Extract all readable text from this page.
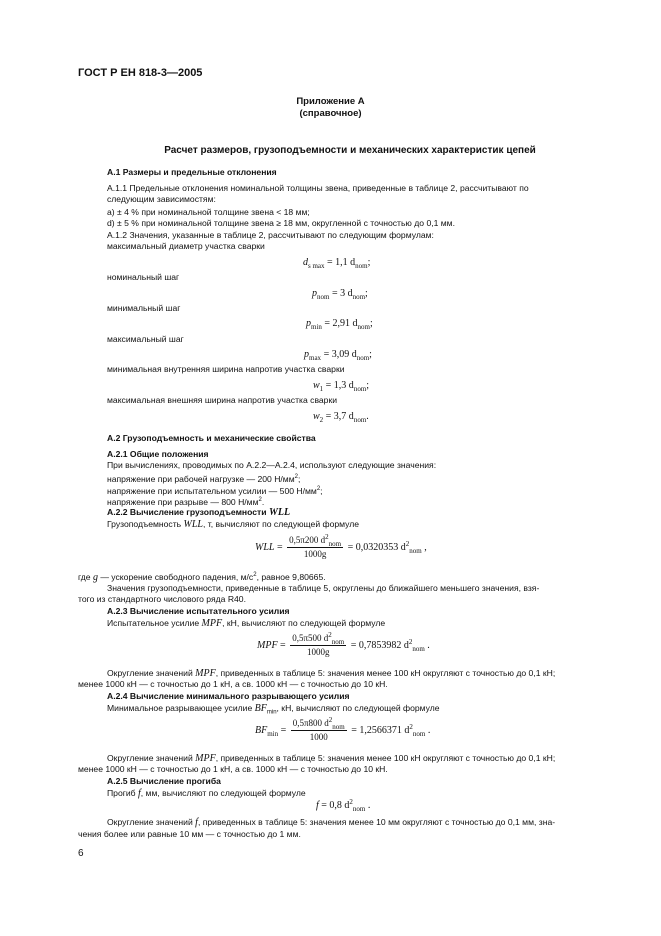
ГОСТ Р ЕН 818-3—2005
Приложение А
(справочное)
Расчет размеров, грузоподъемности и механических характеристик цепей
А.1 Размеры и предельные отклонения
А.1.1 Предельные отклонения номинальной толщины звена, приведенные в таблице 2, рассчитывают по
следующим зависимостям:
а) ± 4 % при номинальной толщине звена < 18 мм;
d) ± 5 % при номинальной толщине звена ≥ 18 мм, округленной с точностью до 0,1 мм.
А.1.2 Значения, указанные в таблице 2, рассчитывают по следующим формулам:
максимальный диаметр участка сварки
$d_{s max} = 1,1$ $d_{nom}$;
номинальный шаг
$p_{nom} = 3$ $d_{nom}$;
минимальный шаг
$p_{min} = 2,91$ $d_{nom}$;
максимальный шаг
$p_{max} = 3,09$ $d_{nom}$;
минимальная внутренняя ширина напротив участка сварки
$w_1 = 1,3$ $d_{nom}$;
максимальная внешняя ширина напротив участка сварки
$w_2 = 3,7$ $d_{nom}$.
А.2 Грузоподъемность и механические свойства
А.2.1 Общие положения
При вычислениях, проводимых по А.2.2—А.2.4, используют следующие значения:
напряжение при рабочей нагрузке — 200 $Н/мм^2$;
напряжение при испытательном усилии — 500 $Н/мм^2$;
напряжение при разрыве — 800 $Н/мм^2$.
А.2.2 Вычисление грузоподъемности WLL
Грузоподъемность WLL, т, вычисляют по следующей формуле
WLL = $\frac{0,5\pi 200 d^2_{nom}}{1000g} = 0,0320353$ $d^2_{nom}$ ,
где g — ускорение свободного падения, $м/с^2$, равное 9,80665.
Значения грузоподъемности, приведенные в таблице 5, округлены до ближайшего меньшего значения, взя-
того из стандартного числового ряда R40.
А.2.3 Вычисление испытательного усилия
Испытательное усилие MPF, кН, вычисляют по следующей формуле
MPF = $\frac{0,5\pi 500 d^2_{nom}}{1000g} = 0,7853982$ $d^2_{nom}$ .
Округление значений MPF, приведенных в таблице 5: значения менее 100 кН округляют с точностью до 0,1 кН;
менее 1000 кН — с точностью до 1 кН, а св. 1000 кН — с точностью до 10 кН.
А.2.4 Вычисление минимального разрывающего усилия
Минимальное разрывающее усилие $BF_{min}$, кН, вычисляют по следующей формуле
$BF_{min} = \frac{0,5\pi 800 d^2_{nom}}{1000} = 1,2566371$ $d^2_{nom}$ .
Округление значений MPF, приведенных в таблице 5: значения менее 100 кН округляют с точностью до 0,1 кН;
менее 1000 кН — с точностью до 1 кН, а св. 1000 кН — с точностью до 10 кН.
А.2.5 Вычисление прогиба
Прогиб f, мм, вычисляют по следующей формуле
f = 0,8 $d^2_{nom}$ .
Округление значений f, приведенных в таблице 5: значения менее 10 мм округляют с точностью до 0,1 мм, зна-
чения более или равные 10 мм — с точностью до 1 мм.
6
